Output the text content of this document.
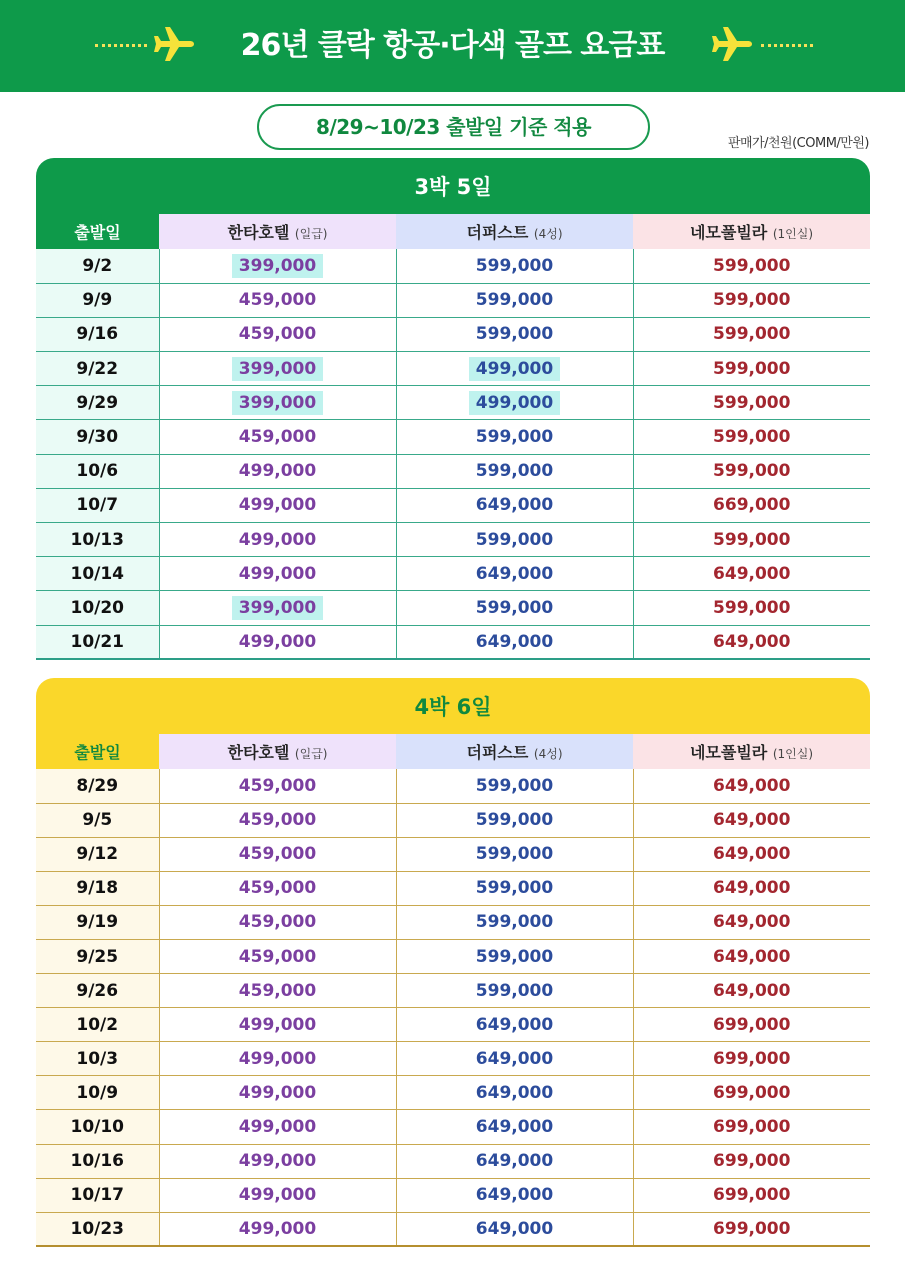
26년 클락 항공·다색 골프 요금표
8/29~10/23 출발일 기준 적용
판매가/천원(COMM/만원)
3박 5일
출발일	한타호텔 (일급)	더퍼스트 (4성)	네모풀빌라 (1인실)
9/2	399,000	599,000	599,000
9/9	459,000	599,000	599,000
9/16	459,000	599,000	599,000
9/22	399,000	499,000	599,000
9/29	399,000	499,000	599,000
9/30	459,000	599,000	599,000
10/6	499,000	599,000	599,000
10/7	499,000	649,000	669,000
10/13	499,000	599,000	599,000
10/14	499,000	649,000	649,000
10/20	399,000	599,000	599,000
10/21	499,000	649,000	649,000
4박 6일
출발일	한타호텔 (일급)	더퍼스트 (4성)	네모풀빌라 (1인실)
8/29	459,000	599,000	649,000
9/5	459,000	599,000	649,000
9/12	459,000	599,000	649,000
9/18	459,000	599,000	649,000
9/19	459,000	599,000	649,000
9/25	459,000	599,000	649,000
9/26	459,000	599,000	649,000
10/2	499,000	649,000	699,000
10/3	499,000	649,000	699,000
10/9	499,000	649,000	699,000
10/10	499,000	649,000	699,000
10/16	499,000	649,000	699,000
10/17	499,000	649,000	699,000
10/23	499,000	649,000	699,000
